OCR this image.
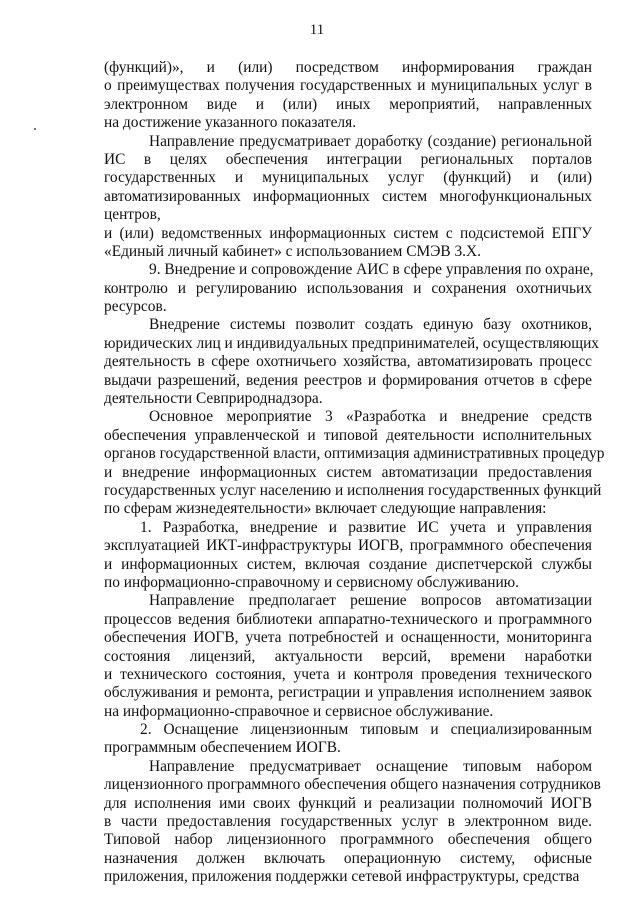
11
(функций)», и (или) посредством информирования граждан
о преимуществах получения государственных и муниципальных услуг в
электронном виде и (или) иных мероприятий, направленных
на достижение указанного показателя.
Направление предусматривает доработку (создание) региональной
ИС в целях обеспечения интеграции региональных порталов
государственных и муниципальных услуг (функций) и (или)
автоматизированных информационных систем многофункциональных
центров,
и (или) ведомственных информационных систем с подсистемой ЕПГУ
«Единый личный кабинет» с использованием СМЭВ 3.Х.
9. Внедрение и сопровождение АИС в сфере управления по охране,
контролю и регулированию использования и сохранения охотничьих
ресурсов.
Внедрение системы позволит создать единую базу охотников,
юридических лиц и индивидуальных предпринимателей, осуществляющих
деятельность в сфере охотничьего хозяйства, автоматизировать процесс
выдачи разрешений, ведения реестров и формирования отчетов в сфере
деятельности Севприроднадзора.
Основное мероприятие 3 «Разработка и внедрение средств
обеспечения управленческой и типовой деятельности исполнительных
органов государственной власти, оптимизация административных процедур
и внедрение информационных систем автоматизации предоставления
государственных услуг населению и исполнения государственных функций
по сферам жизнедеятельности» включает следующие направления:
1. Разработка, внедрение и развитие ИС учета и управления
эксплуатацией ИКТ-инфраструктуры ИОГВ, программного обеспечения
и информационных систем, включая создание диспетчерской службы
по информационно-справочному и сервисному обслуживанию.
Направление предполагает решение вопросов автоматизации
процессов ведения библиотеки аппаратно-технического и программного
обеспечения ИОГВ, учета потребностей и оснащенности, мониторинга
состояния лицензий, актуальности версий, времени наработки
и технического состояния, учета и контроля проведения технического
обслуживания и ремонта, регистрации и управления исполнением заявок
на информационно-справочное и сервисное обслуживание.
2. Оснащение лицензионным типовым и специализированным
программным обеспечением ИОГВ.
Направление предусматривает оснащение типовым набором
лицензионного программного обеспечения общего назначения сотрудников
для исполнения ими своих функций и реализации полномочий ИОГВ
в части предоставления государственных услуг в электронном виде.
Типовой набор лицензионного программного обеспечения общего
назначения должен включать операционную систему, офисные
приложения, приложения поддержки сетевой инфраструктуры, средства
